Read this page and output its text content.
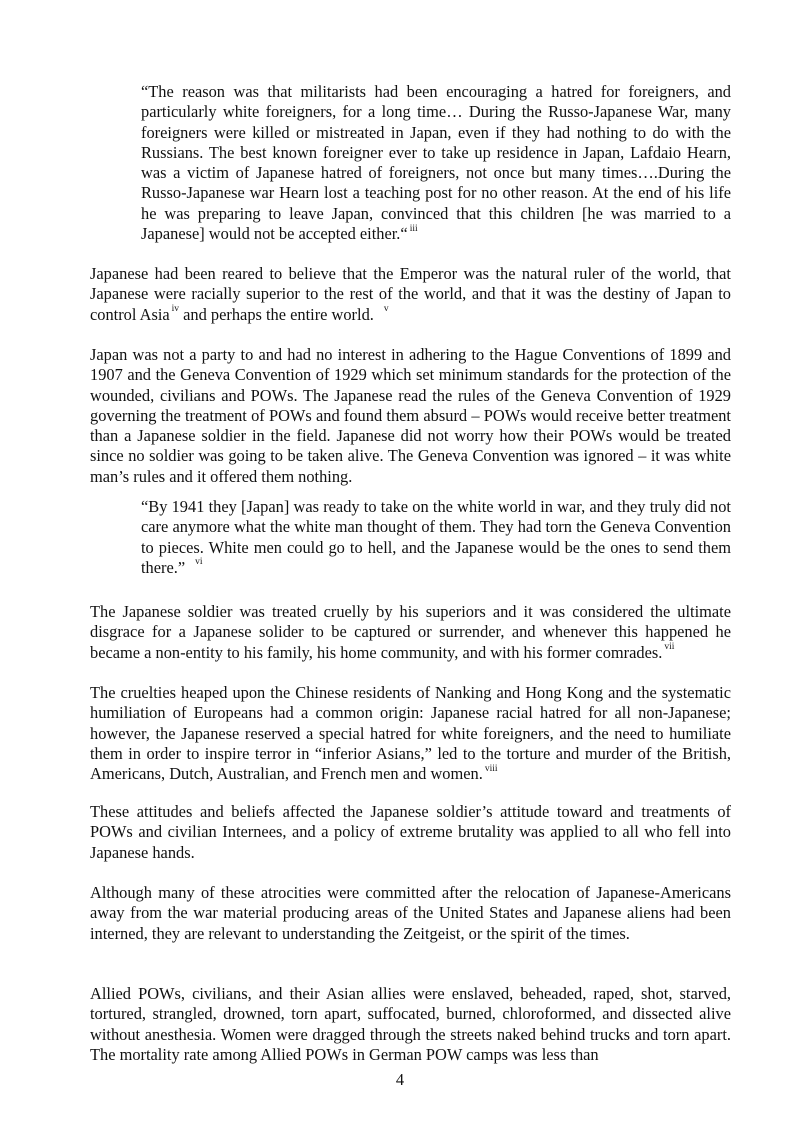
“The reason was that militarists had been encouraging a hatred for foreigners, and particularly white foreigners, for a long time… During the Russo-Japanese War, many foreigners were killed or mistreated in Japan, even if they had nothing to do with the Russians. The best known foreigner ever to take up residence in Japan, Lafdaio Hearn, was a victim of Japanese hatred of foreigners, not once but many times….During the Russo-Japanese war Hearn lost a teaching post for no other reason. At the end of his life he was preparing to leave Japan, convinced that this children [he was married to a Japanese] would not be accepted either.“ $^{iii}$

Japanese had been reared to believe that the Emperor was the natural ruler of the world, that Japanese were racially superior to the rest of the world, and that it was the destiny of Japan to control Asia $^{iv}$ and perhaps the entire world. $^v$

Japan was not a party to and had no interest in adhering to the Hague Conventions of 1899 and 1907 and the Geneva Convention of 1929 which set minimum standards for the protection of the wounded, civilians and POWs. The Japanese read the rules of the Geneva Convention of 1929 governing the treatment of POWs and found them absurd – POWs would receive better treatment than a Japanese soldier in the field. Japanese did not worry how their POWs would be treated since no soldier was going to be taken alive. The Geneva Convention was ignored – it was white man’s rules and it offered them nothing.

“By 1941 they [Japan] was ready to take on the white world in war, and they truly did not care anymore what the white man thought of them. They had torn the Geneva Convention to pieces. White men could go to hell, and the Japanese would be the ones to send them there.” $^{vi}$

The Japanese soldier was treated cruelly by his superiors and it was considered the ultimate disgrace for a Japanese solider to be captured or surrender, and whenever this happened he became a non-entity to his family, his home community, and with his former comrades. $^{vii}$

The cruelties heaped upon the Chinese residents of Nanking and Hong Kong and the systematic humiliation of Europeans had a common origin: Japanese racial hatred for all non-Japanese; however, the Japanese reserved a special hatred for white foreigners, and the need to humiliate them in order to inspire terror in “inferior Asians,” led to the torture and murder of the British, Americans, Dutch, Australian, and French men and women. $^{viii}$

These attitudes and beliefs affected the Japanese soldier’s attitude toward and treatments of POWs and civilian Internees, and a policy of extreme brutality was applied to all who fell into Japanese hands.

Although many of these atrocities were committed after the relocation of Japanese-Americans away from the war material producing areas of the United States and Japanese aliens had been interned, they are relevant to understanding the Zeitgeist, or the spirit of the times.

Allied POWs, civilians, and their Asian allies were enslaved, beheaded, raped, shot, starved, tortured, strangled, drowned, torn apart, suffocated, burned, chloroformed, and dissected alive without anesthesia. Women were dragged through the streets naked behind trucks and torn apart. The mortality rate among Allied POWs in German POW camps was less than

4
